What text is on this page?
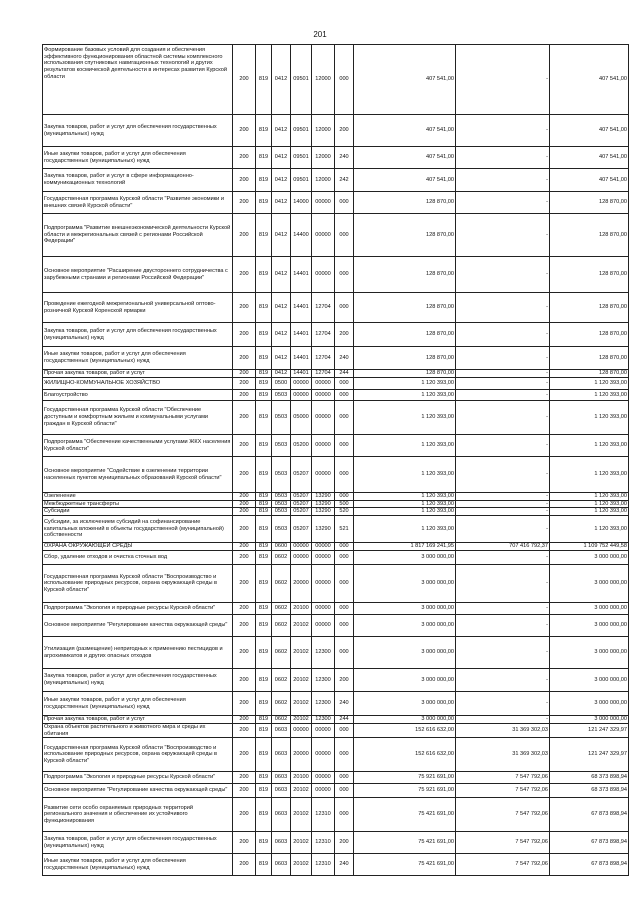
201
Формирование базовых условий для создания и обеспечения эффективного функционирования областной системы комплексного использования спутниковых навигационных технологий и других результатов космической деятельности в интересах развития Курской области	200	819	0412	09501	12000	000	407 541,00	-	407 541,00
Закупка товаров, работ и услуг для обеспечения государственных (муниципальных) нужд	200	819	0412	09501	12000	200	407 541,00	-	407 541,00
Иные закупки товаров, работ и услуг для обеспечения государственных (муниципальных) нужд	200	819	0412	09501	12000	240	407 541,00	-	407 541,00
Закупка товаров, работ и услуг в сфере информационно-коммуникационных технологий	200	819	0412	09501	12000	242	407 541,00	-	407 541,00
Государственная программа Курской области "Развитие экономики и внешних связей Курской области"	200	819	0412	14000	00000	000	128 870,00	-	128 870,00
Подпрограмма "Развитие внешнеэкономической деятельности Курской области и межрегиональных связей с регионами Российской Федерации"	200	819	0412	14400	00000	000	128 870,00	-	128 870,00
Основное мероприятие "Расширение двустороннего сотрудничества с зарубежными странами и регионами Российской Федерации"	200	819	0412	14401	00000	000	128 870,00	-	128 870,00
Проведение ежегодной межрегиональной универсальной оптово-розничной Курской Коренской ярмарки	200	819	0412	14401	12704	000	128 870,00	-	128 870,00
Закупка товаров, работ и услуг для обеспечения государственных (муниципальных) нужд	200	819	0412	14401	12704	200	128 870,00	-	128 870,00
Иные закупки товаров, работ и услуг для обеспечения государственных (муниципальных) нужд	200	819	0412	14401	12704	240	128 870,00	-	128 870,00
Прочая закупка товаров, работ и услуг	200	819	0412	14401	12704	244	128 870,00	-	128 870,00
ЖИЛИЩНО-КОММУНАЛЬНОЕ ХОЗЯЙСТВО	200	819	0500	00000	00000	000	1 120 393,00	-	1 120 393,00
Благоустройство	200	819	0503	00000	00000	000	1 120 393,00	-	1 120 393,00
Государственная программа Курской области "Обеспечение доступным и комфортным жильем и коммунальными услугами граждан в Курской области"	200	819	0503	05000	00000	000	1 120 393,00	-	1 120 393,00
Подпрограмма "Обеспечение качественными услугами ЖКХ населения Курской области"	200	819	0503	05200	00000	000	1 120 393,00	-	1 120 393,00
Основное мероприятие "Содействие в озеленении территории населенных пунктов муниципальных образований Курской области"	200	819	0503	05207	00000	000	1 120 393,00	-	1 120 393,00
Озеленение	200	819	0503	05207	13290	000	1 120 393,00	-	1 120 393,00
Межбюджетные трансферты	200	819	0503	05207	13290	500	1 120 393,00	-	1 120 393,00
Субсидии	200	819	0503	05207	13290	520	1 120 393,00	-	1 120 393,00
Субсидии, за исключением субсидий на софинансирование капитальных вложений в объекты государственной (муниципальной) собственности	200	819	0503	05207	13290	521	1 120 393,00	-	1 120 393,00
ОХРАНА ОКРУЖАЮЩЕЙ СРЕДЫ	200	819	0600	00000	00000	000	1 817 169 241,95	707 416 792,37	1 109 752 449,58
Сбор, удаление отходов и очистка сточных вод	200	819	0602	00000	00000	000	3 000 000,00	-	3 000 000,00
Государственная программа Курской области "Воспроизводство и использование природных ресурсов, охрана окружающей среды в Курской области"	200	819	0602	20000	00000	000	3 000 000,00	-	3 000 000,00
Подпрограмма "Экология и природные ресурсы Курской области"	200	819	0602	20100	00000	000	3 000 000,00	-	3 000 000,00
Основное мероприятие "Регулирование качества окружающей среды"	200	819	0602	20102	00000	000	3 000 000,00	-	3 000 000,00
Утилизация (размещение) непригодных к применению пестицидов и агрохимикатов и других опасных отходов	200	819	0602	20102	12300	000	3 000 000,00	-	3 000 000,00
Закупка товаров, работ и услуг для обеспечения государственных (муниципальных) нужд	200	819	0602	20102	12300	200	3 000 000,00	-	3 000 000,00
Иные закупки товаров, работ и услуг для обеспечения государственных (муниципальных) нужд	200	819	0602	20102	12300	240	3 000 000,00	-	3 000 000,00
Прочая закупка товаров, работ и услуг	200	819	0602	20102	12300	244	3 000 000,00	-	3 000 000,00
Охрана объектов растительного и животного мира и среды их обитания	200	819	0603	00000	00000	000	152 616 632,00	31 369 302,03	121 247 329,97
Государственная программа Курской области "Воспроизводство и использование природных ресурсов, охрана окружающей среды в Курской области"	200	819	0603	20000	00000	000	152 616 632,00	31 369 302,03	121 247 329,97
Подпрограмма "Экология и природные ресурсы Курской области"	200	819	0603	20100	00000	000	75 921 691,00	7 547 792,06	68 373 898,94
Основное мероприятие "Регулирование качества окружающей среды"	200	819	0603	20102	00000	000	75 921 691,00	7 547 792,06	68 373 898,94
Развитие сети особо охраняемых природных территорий регионального значения и обеспечение их устойчивого функционирования	200	819	0603	20102	12310	000	75 421 691,00	7 547 792,06	67 873 898,94
Закупка товаров, работ и услуг для обеспечения государственных (муниципальных) нужд	200	819	0603	20102	12310	200	75 421 691,00	7 547 792,06	67 873 898,94
Иные закупки товаров, работ и услуг для обеспечения государственных (муниципальных) нужд	200	819	0603	20102	12310	240	75 421 691,00	7 547 792,06	67 873 898,94
